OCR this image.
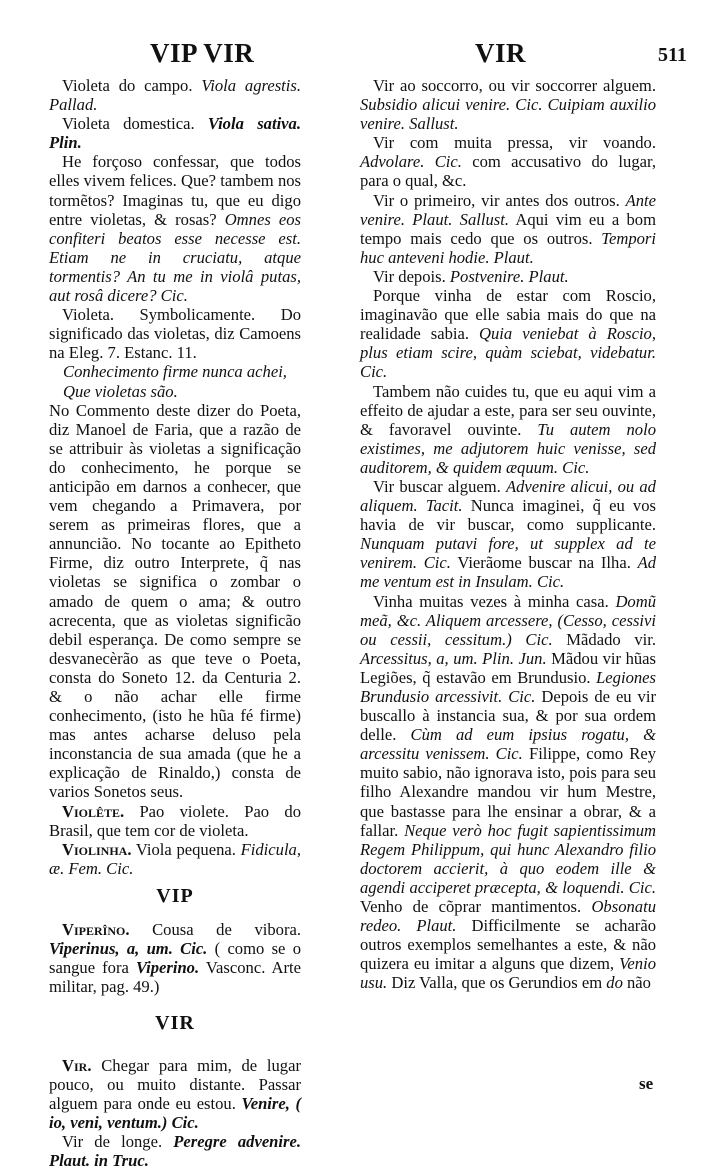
VIP VIR	VIR	511

Violeta do campo. Viola agrestis. Pallad.

Violeta domestica. Viola sativa. Plin.

He forçoso confessar, que todos elles vivem felices. Que? tambem nos tormẽtos? Imaginas tu, que eu digo entre violetas, & rosas? Omnes eos confiteri beatos esse necesse est. Etiam ne in cruciatu, atque tormentis? An tu me in violâ putas, aut rosâ dicere? Cic.

Violeta. Symbolicamente. Do significado das violetas, diz Camoens na Eleg. 7. Estanc. 11.

Conhecimento firme nunca achei,

Que violetas são.

No Commento deste dizer do Poeta, diz Manoel de Faria, que a razão de se attribuir às violetas a significação do conhecimento, he porque se anticipão em darnos a conhecer, que vem chegando a Primavera, por serem as primeiras flores, que a annuncião. No tocante ao Epitheto Firme, diz outro Interprete, q̃ nas violetas se significa o zombar o amado de quem o ama; & outro acrecenta, que as violetas significão debil esperança. De como sempre se desvanecèrão as que teve o Poeta, consta do Soneto 12. da Centuria 2. & o não achar elle firme conhecimento, (isto he hũa fé firme) mas antes acharse delusо pela inconstancia de sua amada (que he a explicação de Rinaldo,) consta de varios Sonetos seus.

Violête. Pao violete. Pao do Brasil, que tem cor de violeta.

Violinha. Viola pequena. Fidicula, æ. Fem. Cic.

VIP

Viperîno. Cousa de vibora. Viperinus, a, um. Cic. ( como se o sangue fora Viperino. Vasconc. Arte militar, pag. 49.)

VIR

Vir. Chegar para mim, de lugar pouco, ou muito distante. Passar alguem para onde eu estou. Venire, ( io, veni, ventum.) Cic.

Vir de longe. Peregre advenire. Plaut. in Truc.

Vir ao soccorro, ou vir soccorrer alguem. Subsidio alicui venire. Cic. Cuipiam auxilio venire. Sallust.

Vir com muita pressa, vir voando. Advolare. Cic. com accusativo do lugar, para o qual, &c.

Vir o primeiro, vir antes dos outros. Ante venire. Plaut. Sallust. Aqui vim eu a bom tempo mais cedo que os outros. Tempori huc anteveni hodie. Plaut.

Vir depois. Postvenire. Plaut.

Porque vinha de estar com Roscio, imaginavão que elle sabia mais do que na realidade sabia. Quia veniebat à Roscio, plus etiam scire, quàm sciebat, videbatur. Cic.

Tambem não cuides tu, que eu aqui vim a effeito de ajudar a este, para ser seu ouvinte, & favoravel ouvinte. Tu autem nolo existimes, me adjutorem huic venisse, sed auditorem, & quidem æquum. Cic.

Vir buscar alguem. Advenire alicui, ou ad aliquem. Tacit. Nunca imaginei, q̃ eu vos havia de vir buscar, como supplicante. Nunquam putavi fore, ut supplex ad te venirem. Cic. Vierãome buscar na Ilha. Ad me ventum est in Insulam. Cic.

Vinha muitas vezes à minha casa. Domũ meã, &c. Aliquem arcessere, (Cesso, cessivi ou cessii, cessitum.) Cic. Mãdado vir. Arcessitus, a, um. Plin. Jun. Mãdou vir hũas Legiões, q̃ estavão em Brundusio. Legiones Brundusio arcessivit. Cic. Depois de eu vir buscallo à instancia sua, & por sua ordem delle. Cùm ad eum ipsius rogatu, & arcessitu venissem. Cic. Filippe, como Rey muito sabio, não ignorava isto, pois para seu filho Alexandre mandou vir hum Mestre, que bastasse para lhe ensinar a obrar, & a fallar. Neque verò hoc fugit sapientissimum Regem Philippum, qui hunc Alexandro filio doctorem accierit, à quo eodem ille & agendi acciperet præcepta, & loquendi. Cic. Venho de cõprar mantimentos. Obsonatu redeo. Plaut. Difficilmente se acharão outros exemplos semelhantes a este, & não quizera eu imitar a alguns que dizem, Venio usu. Diz Valla, que os Gerundios em do não

se
